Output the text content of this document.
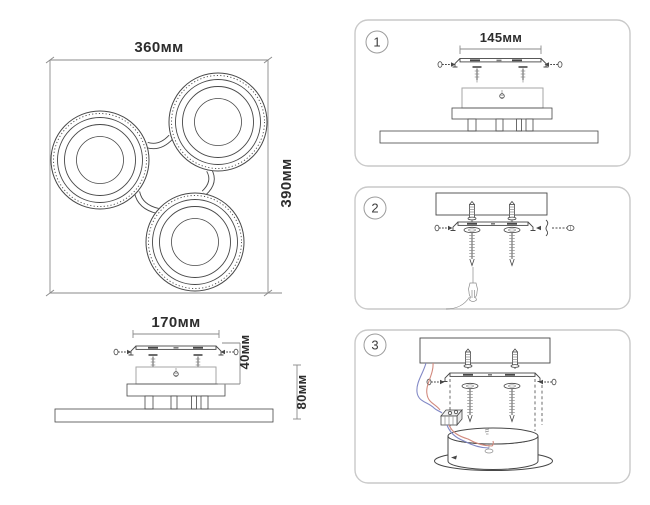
360мм
390мм
170мм
40мм
80мм
1	145мм
2
3
